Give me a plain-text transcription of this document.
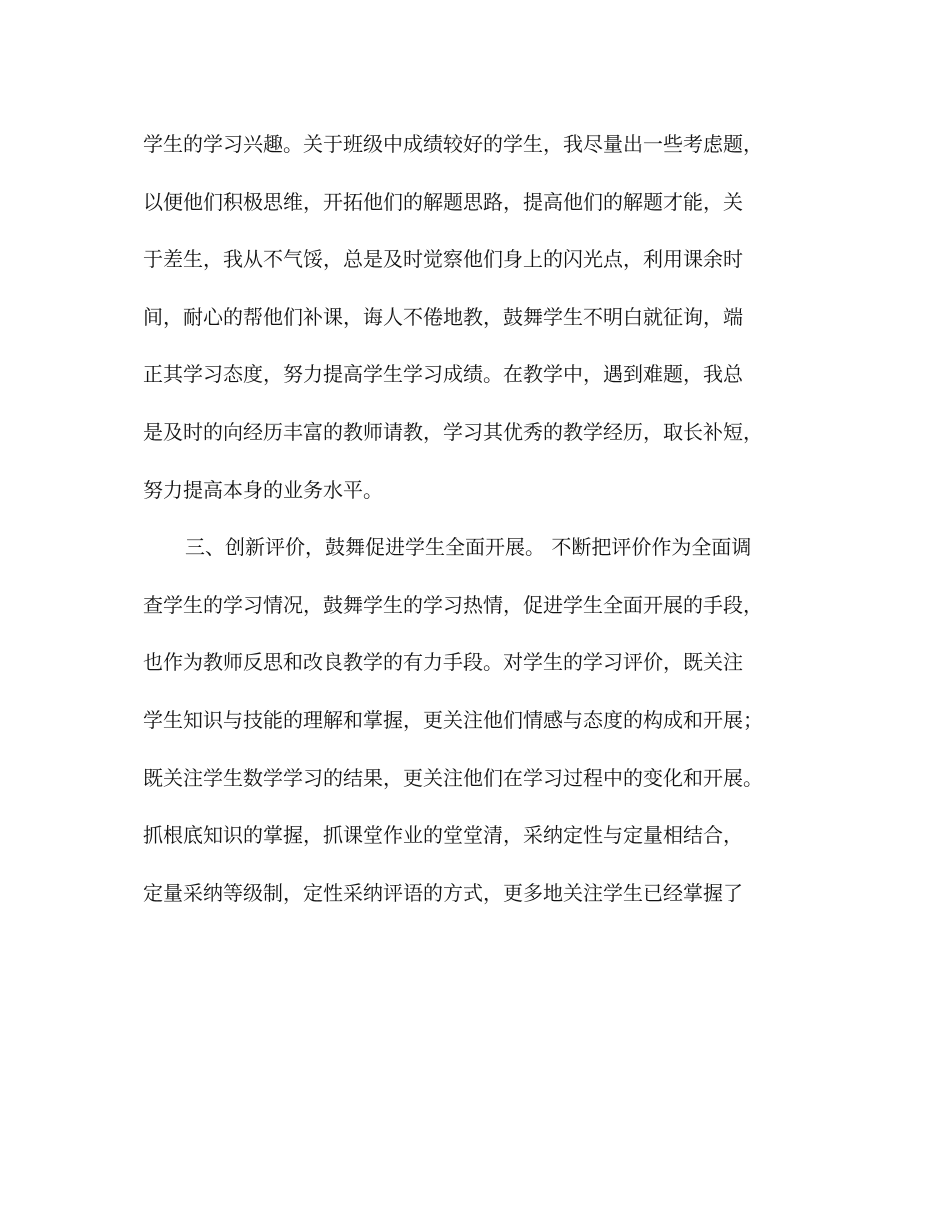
学生的学习兴趣。关于班级中成绩较好的学生，我尽量出一些考虑题，
以便他们积极思维，开拓他们的解题思路，提高他们的解题才能，关
于差生，我从不气馁，总是及时觉察他们身上的闪光点，利用课余时
间，耐心的帮他们补课，诲人不倦地教，鼓舞学生不明白就征询，端
正其学习态度，努力提高学生学习成绩。在教学中，遇到难题，我总
是及时的向经历丰富的教师请教，学习其优秀的教学经历，取长补短，
努力提高本身的业务水平。
三、创新评价，鼓舞促进学生全面开展。 不断把评价作为全面调
查学生的学习情况，鼓舞学生的学习热情，促进学生全面开展的手段，
也作为教师反思和改良教学的有力手段。对学生的学习评价，既关注
学生知识与技能的理解和掌握，更关注他们情感与态度的构成和开展；
既关注学生数学学习的结果，更关注他们在学习过程中的变化和开展。
抓根底知识的掌握，抓课堂作业的堂堂清，采纳定性与定量相结合，
定量采纳等级制，定性采纳评语的方式，更多地关注学生已经掌握了
